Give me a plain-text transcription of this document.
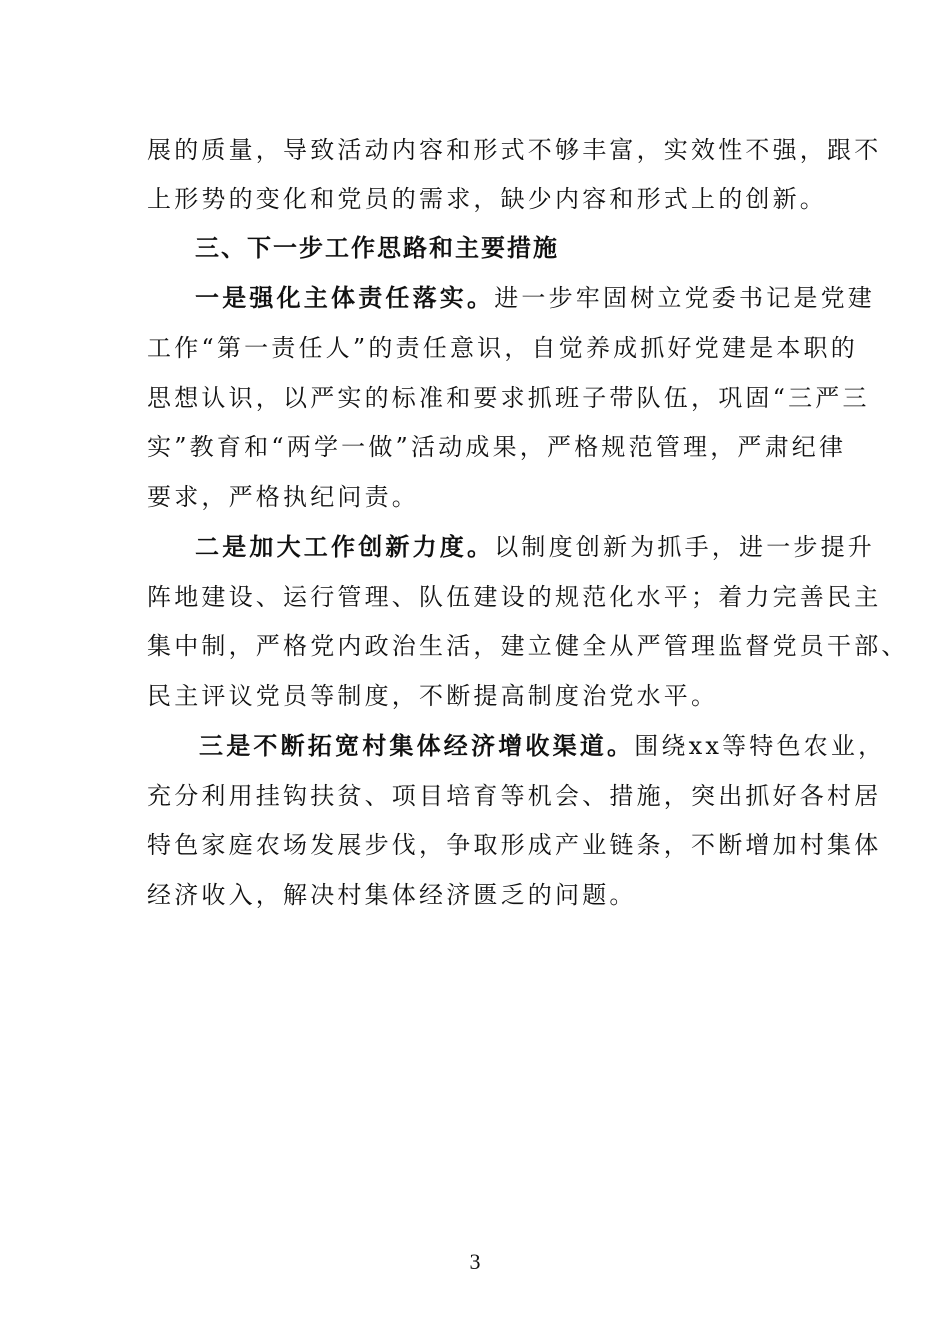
展的质量，导致活动内容和形式不够丰富，实效性不强，跟不
上形势的变化和党员的需求，缺少内容和形式上的创新。
三、下一步工作思路和主要措施
一是强化主体责任落实。进一步牢固树立党委书记是党建
工作“第一责任人”的责任意识，自觉养成抓好党建是本职的
思想认识，以严实的标准和要求抓班子带队伍，巩固“三严三
实”教育和“两学一做”活动成果，严格规范管理，严肃纪律
要求，严格执纪问责。
二是加大工作创新力度。以制度创新为抓手，进一步提升
阵地建设、运行管理、队伍建设的规范化水平；着力完善民主
集中制，严格党内政治生活，建立健全从严管理监督党员干部、
民主评议党员等制度，不断提高制度治党水平。
三是不断拓宽村集体经济增收渠道。围绕xx等特色农业，
充分利用挂钩扶贫、项目培育等机会、措施，突出抓好各村居
特色家庭农场发展步伐，争取形成产业链条，不断增加村集体
经济收入，解决村集体经济匮乏的问题。
3
